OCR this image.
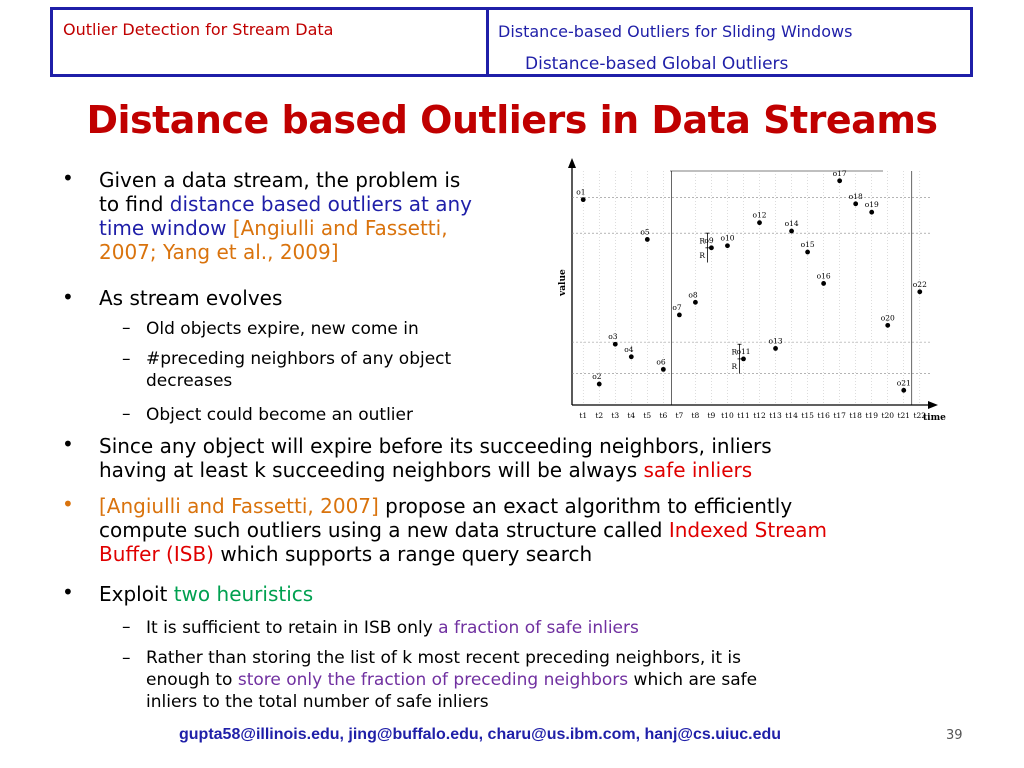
Outlier Detection for Stream Data	Distance-based Outliers for Sliding Windows
Distance-based Global Outliers
Distance based Outliers in Data Streams
• Given a data stream, the problem is
to find distance based outliers at any
time window [Angiulli and Fassetti,
2007; Yang et al., 2009]
• As stream evolves
– Old objects expire, new come in
– #preceding neighbors of any object
decreases
– Object could become an outlier	t1 t2 t3 t4 t5 t6	t8 t9 t10 t11 t12 t13 t14 t15 t16 t17 t18 t19 t20 t21 t22
t7
R
R
R
R
o1
o2
o3
o4
o5
o6
o7
o8
o9 o10
o11
o12
o13
o14
o15
o16
o17
o18
o19
o20
o21
o22
value
time
• Since any object will expire before its succeeding neighbors, inliers
having at least k succeeding neighbors will be always safe inliers
• [Angiulli and Fassetti, 2007] propose an exact algorithm to efficiently
compute such outliers using a new data structure called Indexed Stream
Buffer (ISB) which supports a range query search
• Exploit two heuristics
– It is sufficient to retain in ISB only a fraction of safe inliers
– Rather than storing the list of k most recent preceding neighbors, it is
enough to store only the fraction of preceding neighbors which are safe
inliers to the total number of safe inliers
gupta58@illinois.edu, jing@buffalo.edu, charu@us.ibm.com, hanj@cs.uiuc.edu	39
